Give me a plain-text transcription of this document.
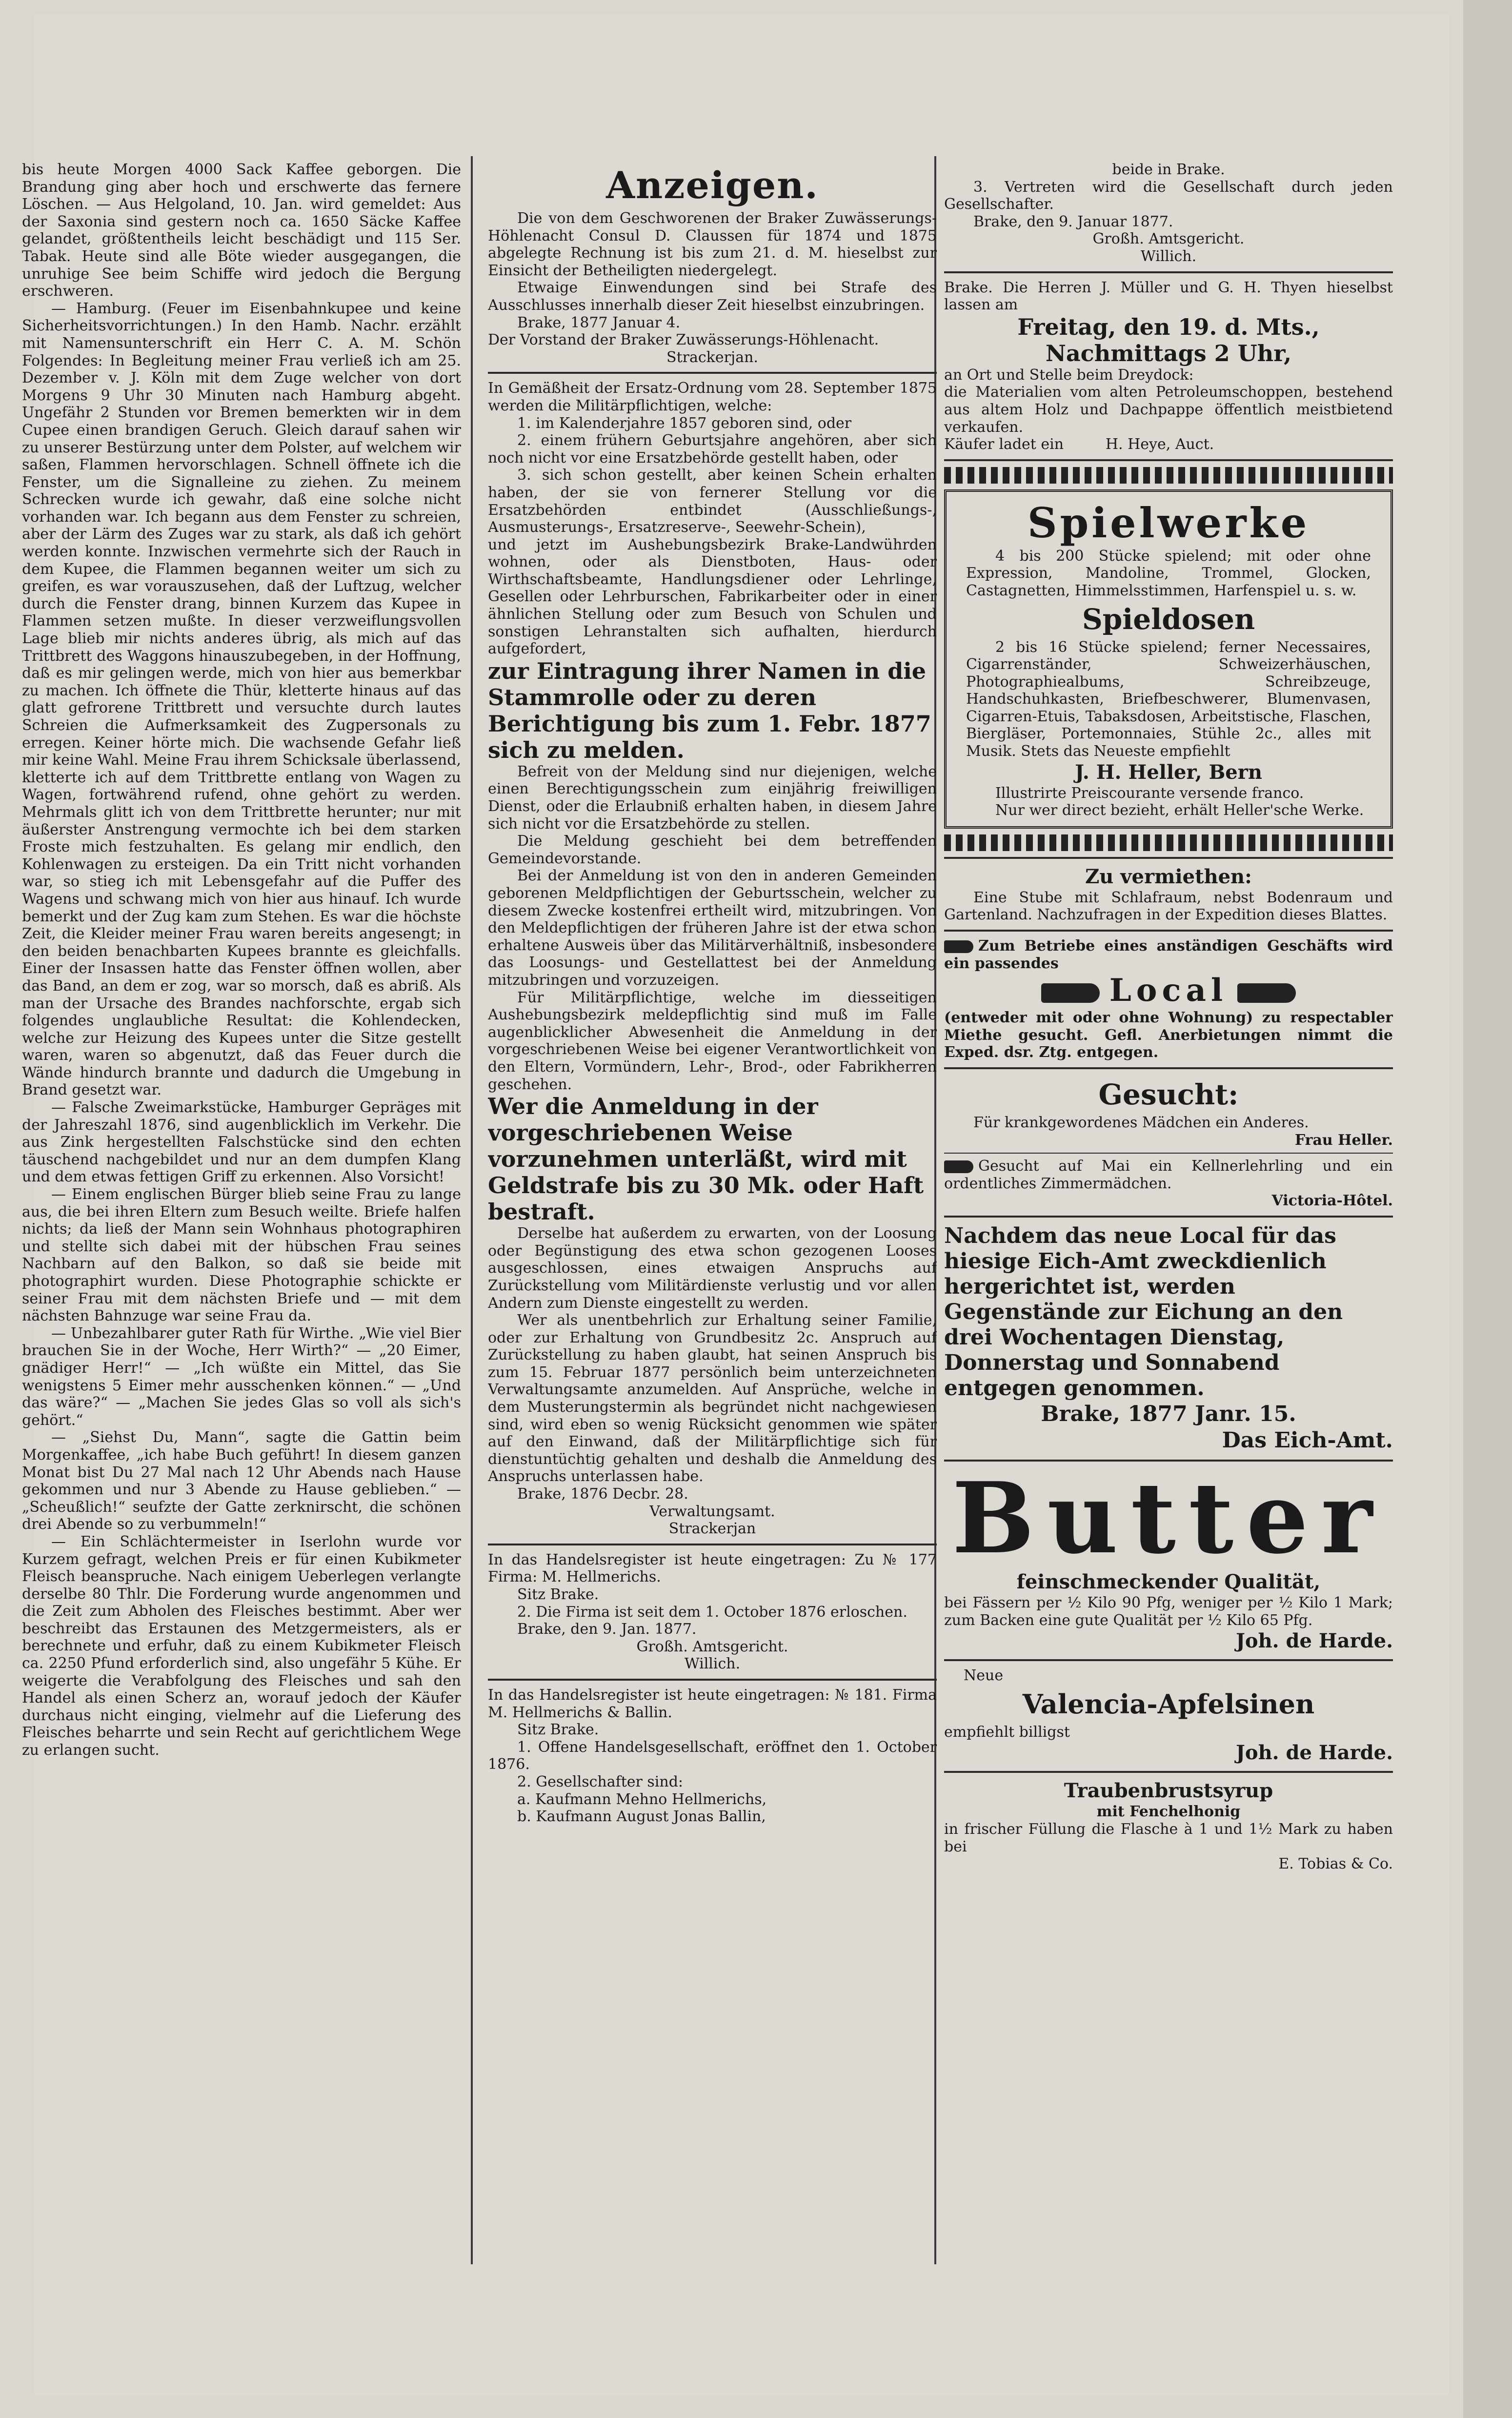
bis heute Morgen 4000 Sack Kaffee geborgen. Die Brandung ging aber hoch und erschwerte das fernere Löschen. — Aus Helgoland, 10. Jan. wird gemeldet: Aus der Saxonia sind gestern noch ca. 1650 Säcke Kaffee gelandet, größtentheils leicht beschädigt und 115 Ser. Tabak. Heute sind alle Böte wieder ausgegangen, die unruhige See beim Schiffe wird jedoch die Bergung erschweren.

— Hamburg. (Feuer im Eisenbahnkupee und keine Sicherheitsvorrichtungen.) In den Hamb. Nachr. erzählt mit Namensunterschrift ein Herr C. A. M. Schön Folgendes: In Begleitung meiner Frau verließ ich am 25. Dezember v. J. Köln mit dem Zuge welcher von dort Morgens 9 Uhr 30 Minuten nach Hamburg abgeht. Ungefähr 2 Stunden vor Bremen bemerkten wir in dem Cupee einen brandigen Geruch. Gleich darauf sahen wir zu unserer Bestürzung unter dem Polster, auf welchem wir saßen, Flammen hervorschlagen. Schnell öffnete ich die Fenster, um die Signalleine zu ziehen. Zu meinem Schrecken wurde ich gewahr, daß eine solche nicht vorhanden war. Ich begann aus dem Fenster zu schreien, aber der Lärm des Zuges war zu stark, als daß ich gehört werden konnte. Inzwischen vermehrte sich der Rauch in dem Kupee, die Flammen begannen weiter um sich zu greifen, es war vorauszusehen, daß der Luftzug, welcher durch die Fenster drang, binnen Kurzem das Kupee in Flammen setzen mußte. In dieser verzweiflungsvollen Lage blieb mir nichts anderes übrig, als mich auf das Trittbrett des Waggons hinauszubegeben, in der Hoffnung, daß es mir gelingen werde, mich von hier aus bemerkbar zu machen. Ich öffnete die Thür, kletterte hinaus auf das glatt gefrorene Trittbrett und versuchte durch lautes Schreien die Aufmerksamkeit des Zugpersonals zu erregen. Keiner hörte mich. Die wachsende Gefahr ließ mir keine Wahl. Meine Frau ihrem Schicksale überlassend, kletterte ich auf dem Trittbrette entlang von Wagen zu Wagen, fortwährend rufend, ohne gehört zu werden. Mehrmals glitt ich von dem Trittbrette herunter; nur mit äußerster Anstrengung vermochte ich bei dem starken Froste mich festzuhalten. Es gelang mir endlich, den Kohlenwagen zu ersteigen. Da ein Tritt nicht vorhanden war, so stieg ich mit Lebensgefahr auf die Puffer des Wagens und schwang mich von hier aus hinauf. Ich wurde bemerkt und der Zug kam zum Stehen. Es war die höchste Zeit, die Kleider meiner Frau waren bereits angesengt; in den beiden benachbarten Kupees brannte es gleichfalls. Einer der Insassen hatte das Fenster öffnen wollen, aber das Band, an dem er zog, war so morsch, daß es abriß. Als man der Ursache des Brandes nachforschte, ergab sich folgendes unglaubliche Resultat: die Kohlendecken, welche zur Heizung des Kupees unter die Sitze gestellt waren, waren so abgenutzt, daß das Feuer durch die Wände hindurch brannte und dadurch die Umgebung in Brand gesetzt war.

— Falsche Zweimarkstücke, Hamburger Gepräges mit der Jahreszahl 1876, sind augenblicklich im Verkehr. Die aus Zink hergestellten Falschstücke sind den echten täuschend nachgebildet und nur an dem dumpfen Klang und dem etwas fettigen Griff zu erkennen. Also Vorsicht!

— Einem englischen Bürger blieb seine Frau zu lange aus, die bei ihren Eltern zum Besuch weilte. Briefe halfen nichts; da ließ der Mann sein Wohnhaus photographiren und stellte sich dabei mit der hübschen Frau seines Nachbarn auf den Balkon, so daß sie beide mit photographirt wurden. Diese Photographie schickte er seiner Frau mit dem nächsten Briefe und — mit dem nächsten Bahnzuge war seine Frau da.

— Unbezahlbarer guter Rath für Wirthe. „Wie viel Bier brauchen Sie in der Woche, Herr Wirth?“ — „20 Eimer, gnädiger Herr!“ — „Ich wüßte ein Mittel, das Sie wenigstens 5 Eimer mehr ausschenken können.“ — „Und das wäre?“ — „Machen Sie jedes Glas so voll als sich's gehört.“

— „Siehst Du, Mann“, sagte die Gattin beim Morgenkaffee, „ich habe Buch geführt! In diesem ganzen Monat bist Du 27 Mal nach 12 Uhr Abends nach Hause gekommen und nur 3 Abende zu Hause geblieben.“ — „Scheußlich!“ seufzte der Gatte zerknirscht, die schönen drei Abende so zu verbummeln!“

— Ein Schlächtermeister in Iserlohn wurde vor Kurzem gefragt, welchen Preis er für einen Kubikmeter Fleisch beanspruche. Nach einigem Ueberlegen verlangte derselbe 80 Thlr. Die Forderung wurde angenommen und die Zeit zum Abholen des Fleisches bestimmt. Aber wer beschreibt das Erstaunen des Metzgermeisters, als er berechnete und erfuhr, daß zu einem Kubikmeter Fleisch ca. 2250 Pfund erforderlich sind, also ungefähr 5 Kühe. Er weigerte die Verabfolgung des Fleisches und sah den Handel als einen Scherz an, worauf jedoch der Käufer durchaus nicht einging, vielmehr auf die Lieferung des Fleisches beharrte und sein Recht auf gerichtlichem Wege zu erlangen sucht.

Anzeigen.

Die von dem Geschworenen der Braker Zuwässerungs-Höhlenacht Consul D. Claussen für 1874 und 1875 abgelegte Rechnung ist bis zum 21. d. M. hieselbst zur Einsicht der Betheiligten niedergelegt.

Etwaige Einwendungen sind bei Strafe des Ausschlusses innerhalb dieser Zeit hieselbst einzubringen.

Brake, 1877 Januar 4.

Der Vorstand der Braker Zuwässerungs-Höhlenacht.

Strackerjan.

In Gemäßheit der Ersatz-Ordnung vom 28. September 1875 werden die Militärpflichtigen, welche:

1. im Kalenderjahre 1857 geboren sind, oder

2. einem frühern Geburtsjahre angehören, aber sich noch nicht vor eine Ersatzbehörde gestellt haben, oder

3. sich schon gestellt, aber keinen Schein erhalten haben, der sie von fernerer Stellung vor die Ersatzbehörden entbindet (Ausschließungs-, Ausmusterungs-, Ersatzreserve-, Seewehr-Schein),

und jetzt im Aushebungsbezirk Brake-Landwührden wohnen, oder als Dienstboten, Haus- oder Wirthschaftsbeamte, Handlungsdiener oder Lehrlinge, Gesellen oder Lehrburschen, Fabrikarbeiter oder in einer ähnlichen Stellung oder zum Besuch von Schulen und sonstigen Lehranstalten sich aufhalten, hierdurch aufgefordert,

zur Eintragung ihrer Namen in die Stammrolle oder zu deren Berichtigung bis zum 1. Febr. 1877 sich zu melden.

Befreit von der Meldung sind nur diejenigen, welche einen Berechtigungsschein zum einjährig freiwilligen Dienst, oder die Erlaubniß erhalten haben, in diesem Jahre sich nicht vor die Ersatzbehörde zu stellen.

Die Meldung geschieht bei dem betreffenden Gemeindevorstande.

Bei der Anmeldung ist von den in anderen Gemeinden geborenen Meldpflichtigen der Geburtsschein, welcher zu diesem Zwecke kostenfrei ertheilt wird, mitzubringen. Von den Meldepflichtigen der früheren Jahre ist der etwa schon erhaltene Ausweis über das Militärverhältniß, insbesondere das Loosungs- und Gestellattest bei der Anmeldung mitzubringen und vorzuzeigen.

Für Militärpflichtige, welche im diesseitigen Aushebungsbezirk meldepflichtig sind muß im Falle augenblicklicher Abwesenheit die Anmeldung in der vorgeschriebenen Weise bei eigener Verantwortlichkeit von den Eltern, Vormündern, Lehr-, Brod-, oder Fabrikherren geschehen.

Wer die Anmeldung in der vorgeschriebenen Weise vorzunehmen unterläßt, wird mit Geldstrafe bis zu 30 Mk. oder Haft bestraft.

Derselbe hat außerdem zu erwarten, von der Loosung oder Begünstigung des etwa schon gezogenen Looses ausgeschlossen, eines etwaigen Anspruchs auf Zurückstellung vom Militärdienste verlustig und vor allen Andern zum Dienste eingestellt zu werden.

Wer als unentbehrlich zur Erhaltung seiner Familie, oder zur Erhaltung von Grundbesitz 2c. Anspruch auf Zurückstellung zu haben glaubt, hat seinen Anspruch bis zum 15. Februar 1877 persönlich beim unterzeichneten Verwaltungsamte anzumelden. Auf Ansprüche, welche in dem Musterungstermin als begründet nicht nachgewiesen sind, wird eben so wenig Rücksicht genommen wie später auf den Einwand, daß der Militärpflichtige sich für dienstuntüchtig gehalten und deshalb die Anmeldung des Anspruchs unterlassen habe.

Brake, 1876 Decbr. 28.

Verwaltungsamt.

Strackerjan

In das Handelsregister ist heute eingetragen: Zu № 177 Firma: M. Hellmerichs.

Sitz Brake.

2. Die Firma ist seit dem 1. October 1876 erloschen.

Brake, den 9. Jan. 1877.

Großh. Amtsgericht.

Willich.

In das Handelsregister ist heute eingetragen: № 181. Firma M. Hellmerichs & Ballin.

Sitz Brake.

1. Offene Handelsgesellschaft, eröffnet den 1. October 1876.

2. Gesellschafter sind:

a. Kaufmann Mehno Hellmerichs,

b. Kaufmann August Jonas Ballin,

beide in Brake.

3. Vertreten wird die Gesellschaft durch jeden Gesellschafter.

Brake, den 9. Januar 1877.

Großh. Amtsgericht.

Willich.

Brake. Die Herren J. Müller und G. H. Thyen hieselbst lassen am

Freitag, den 19. d. Mts., Nachmittags 2 Uhr,

an Ort und Stelle beim Dreydock:

die Materialien vom alten Petroleumschoppen, bestehend aus altem Holz und Dachpappe öffentlich meistbietend verkaufen.

Käufer ladet ein	H. Heye, Auct.

Spielwerke

4 bis 200 Stücke spielend; mit oder ohne Expression, Mandoline, Trommel, Glocken, Castagnetten, Himmelsstimmen, Harfenspiel u. s. w.

Spieldosen

2 bis 16 Stücke spielend; ferner Necessaires, Cigarrenständer, Schweizerhäuschen, Photographiealbums, Schreibzeuge, Handschuhkasten, Briefbeschwerer, Blumenvasen, Cigarren-Etuis, Tabaksdosen, Arbeitstische, Flaschen, Biergläser, Portemonnaies, Stühle 2c., alles mit Musik. Stets das Neueste empfiehlt

J. H. Heller, Bern

Illustrirte Preiscourante versende franco.

Nur wer direct bezieht, erhält Heller'sche Werke.

Zu vermiethen:

Eine Stube mit Schlafraum, nebst Bodenraum und Gartenland. Nachzufragen in der Expedition dieses Blattes.

Zum Betriebe eines anständigen Geschäfts wird ein passendes

Local

(entweder mit oder ohne Wohnung) zu respectabler Miethe gesucht. Gefl. Anerbietungen nimmt die Exped. dsr. Ztg. entgegen.

Gesucht:

Für krankgewordenes Mädchen ein Anderes.

Frau Heller.

Gesucht auf Mai ein Kellnerlehrling und ein ordentliches Zimmermädchen.

Victoria-Hôtel.

Nachdem das neue Local für das hiesige Eich-Amt zweckdienlich hergerichtet ist, werden Gegenstände zur Eichung an den drei Wochentagen Dienstag, Donnerstag und Sonnabend entgegen genommen.

Brake, 1877 Janr. 15.

Das Eich-Amt.

Butter

feinschmeckender Qualität,

bei Fässern per ½ Kilo 90 Pfg, weniger per ½ Kilo 1 Mark; zum Backen eine gute Qualität per ½ Kilo 65 Pfg.

Joh. de Harde.

Neue

Valencia-Apfelsinen

empfiehlt billigst

Joh. de Harde.

Traubenbrustsyrup

mit Fenchelhonig

in frischer Füllung die Flasche à 1 und 1½ Mark zu haben bei

E. Tobias & Co.
